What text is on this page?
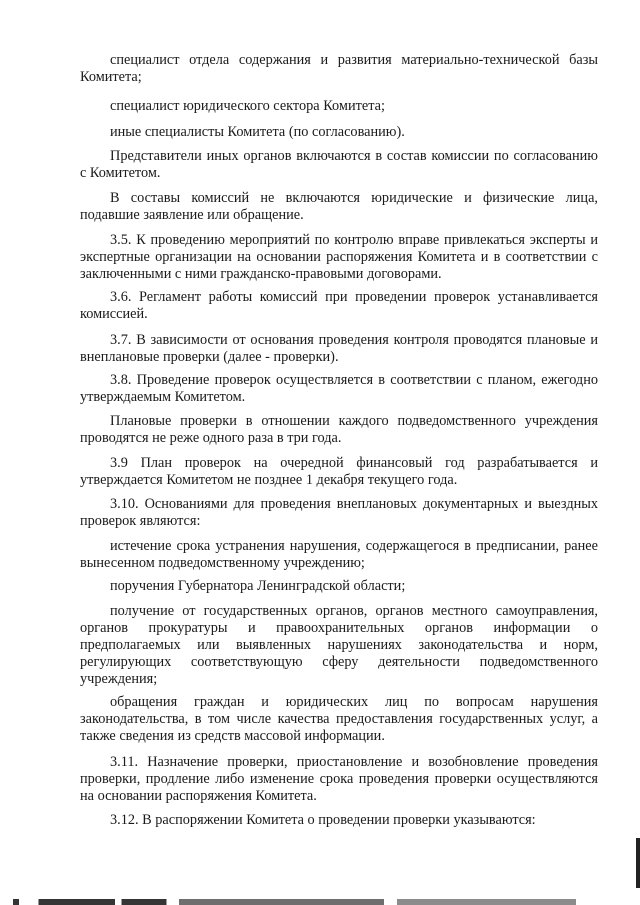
специалист отдела содержания и развития материально-технической базы Комитета;

специалист юридического сектора Комитета;

иные специалисты Комитета (по согласованию).

Представители иных органов включаются в состав комиссии по согласованию с Комитетом.

В составы комиссий не включаются юридические и физические лица, подавшие заявление или обращение.

3.5. К проведению мероприятий по контролю вправе привлекаться эксперты и экспертные организации на основании распоряжения Комитета и в соответствии с заключенными с ними гражданско-правовыми договорами.

3.6. Регламент работы комиссий при проведении проверок устанавливается комиссией.

3.7. В зависимости от основания проведения контроля проводятся плановые и внеплановые проверки (далее - проверки).

3.8. Проведение проверок осуществляется в соответствии с планом, ежегодно утверждаемым Комитетом.

Плановые проверки в отношении каждого подведомственного учреждения проводятся не реже одного раза в три года.

3.9 План проверок на очередной финансовый год разрабатывается и утверждается Комитетом не позднее 1 декабря текущего года.

3.10. Основаниями для проведения внеплановых документарных и выездных проверок являются:

истечение срока устранения нарушения, содержащегося в предписании, ранее вынесенном подведомственному учреждению;

поручения Губернатора Ленинградской области;

получение от государственных органов, органов местного самоуправления, органов прокуратуры и правоохранительных органов информации о предполагаемых или выявленных нарушениях законодательства и норм, регулирующих соответствующую сферу деятельности подведомственного учреждения;

обращения граждан и юридических лиц по вопросам нарушения законодательства, в том числе качества предоставления государственных услуг, а также сведения из средств массовой информации.

3.11. Назначение проверки, приостановление и возобновление проведения проверки, продление либо изменение срока проведения проверки осуществляются на основании распоряжения Комитета.

3.12. В распоряжении Комитета о проведении проверки указываются:
